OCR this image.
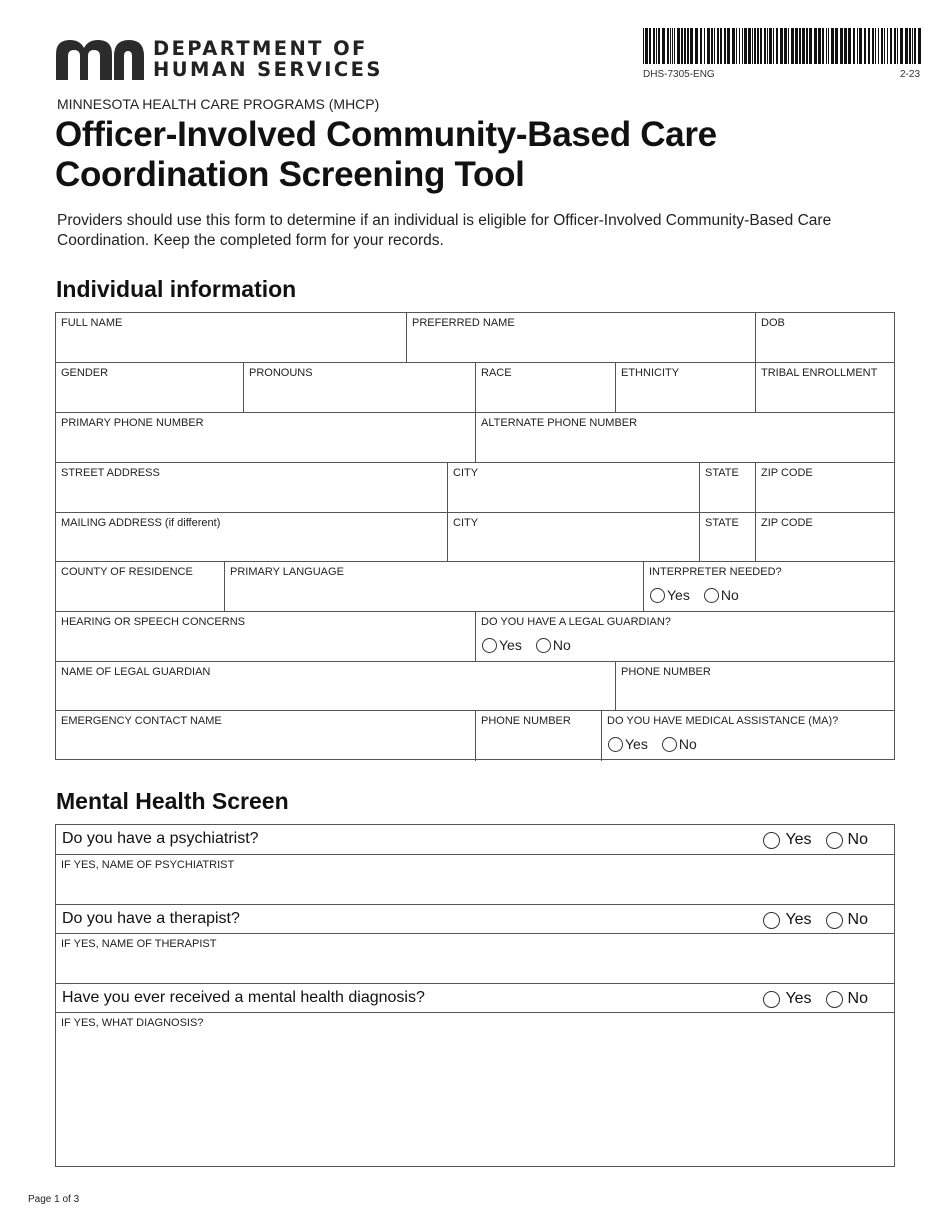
DEPARTMENT OF
HUMAN SERVICES	DHS-7305-ENG	2-23
MINNESOTA HEALTH CARE PROGRAMS (MHCP)
Officer-Involved Community-Based Care Coordination Screening Tool
Providers should use this form to determine if an individual is eligible for Officer-Involved Community-Based Care Coordination. Keep the completed form for your records.
Individual information
FULL NAME	PREFERRED NAME	DOB
GENDER	PRONOUNS	RACE	ETHNICITY	TRIBAL ENROLLMENT
PRIMARY PHONE NUMBER	ALTERNATE PHONE NUMBER
STREET ADDRESS	CITY	STATE	ZIP CODE
MAILING ADDRESS (if different)	CITY	STATE	ZIP CODE
COUNTY OF RESIDENCE	PRIMARY LANGUAGE	INTERPRETER NEEDED?
Yes No
HEARING OR SPEECH CONCERNS	DO YOU HAVE A LEGAL GUARDIAN?
Yes No
NAME OF LEGAL GUARDIAN	PHONE NUMBER
EMERGENCY CONTACT NAME	PHONE NUMBER	DO YOU HAVE MEDICAL ASSISTANCE (MA)?
Yes No
Mental Health Screen
Do you have a psychiatrist?	Yes No
IF YES, NAME OF PSYCHIATRIST
Do you have a therapist?	Yes No
IF YES, NAME OF THERAPIST
Have you ever received a mental health diagnosis?	Yes No
IF YES, WHAT DIAGNOSIS?
Page 1 of 3
